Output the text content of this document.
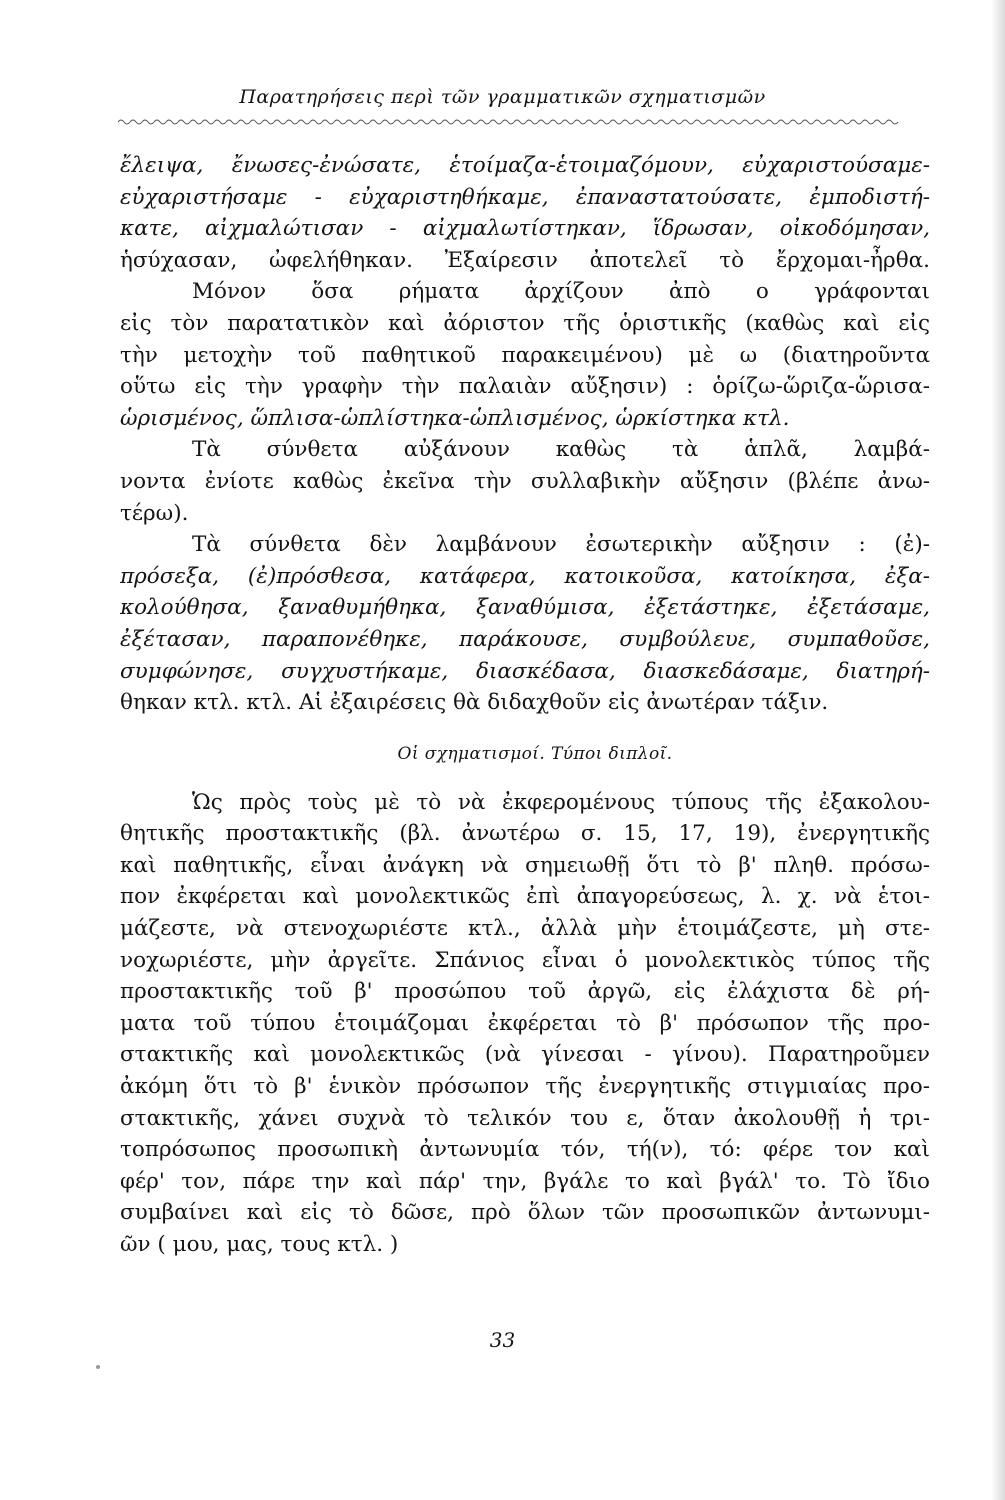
Παρατηρήσεις περὶ τῶν γραμματικῶν σχηματισμῶν
ἔλειψα, ἔνωσες-ἐνώσατε, ἑτοίμαζα-ἑτοιμαζόμουν, εὐχαριστούσαμε-
εὐχαριστήσαμε - εὐχαριστηθήκαμε, ἐπαναστατούσατε, ἐμποδιστή-
κατε, αἰχμαλώτισαν - αἰχμαλωτίστηκαν, ἵδρωσαν, οἰκοδόμησαν,
ἡσύχασαν, ὠφελήθηκαν. Ἐξαίρεσιν ἀποτελεῖ τὸ ἔρχομαι-ἦρθα.
Μόνον ὅσα ρήματα ἀρχίζουν ἀπὸ ο γράφονται
εἰς τὸν παρατατικὸν καὶ ἀόριστον τῆς ὁριστικῆς (καθὼς καὶ εἰς
τὴν μετοχὴν τοῦ παθητικοῦ παρακειμένου) μὲ ω (διατηροῦντα
οὕτω εἰς τὴν γραφὴν τὴν παλαιὰν αὔξησιν) : ὁρίζω-ὥριζα-ὥρισα-
ὡρισμένος, ὥπλισα-ὡπλίστηκα-ὡπλισμένος, ὡρκίστηκα κτλ.
Τὰ σύνθετα αὐξάνουν καθὼς τὰ ἁπλᾶ, λαμβά-
νοντα ἐνίοτε καθὼς ἐκεῖνα τὴν συλλαβικὴν αὔξησιν (βλέπε ἀνω-
τέρω).
Τὰ σύνθετα δὲν λαμβάνουν ἐσωτερικὴν αὔξησιν : (ἐ)-
πρόσεξα, (ἐ)πρόσθεσα, κατάφερα, κατοικοῦσα, κατοίκησα, ἐξα-
κολούθησα, ξαναθυμήθηκα, ξαναθύμισα, ἐξετάστηκε, ἐξετάσαμε,
ἐξέτασαν, παραπονέθηκε, παράκουσε, συμβούλευε, συμπαθοῦσε,
συμφώνησε, συγχυστήκαμε, διασκέδασα, διασκεδάσαμε, διατηρή-
θηκαν κτλ. κτλ. Αἱ ἐξαιρέσεις θὰ διδαχθοῦν εἰς ἀνωτέραν τάξιν.
Οἱ σχηματισμοί. Τύποι διπλοῖ.
Ὡς πρὸς τοὺς μὲ τὸ νὰ ἐκφερομένους τύπους τῆς ἐξακολου-
θητικῆς προστακτικῆς (βλ. ἀνωτέρω σ. 15, 17, 19), ἐνεργητικῆς
καὶ παθητικῆς, εἶναι ἀνάγκη νὰ σημειωθῇ ὅτι τὸ β' πληθ. πρόσω-
πον ἐκφέρεται καὶ μονολεκτικῶς ἐπὶ ἀπαγορεύσεως, λ. χ. νὰ ἑτοι-
μάζεστε, νὰ στενοχωριέστε κτλ., ἀλλὰ μὴν ἑτοιμάζεστε, μὴ στε-
νοχωριέστε, μὴν ἀργεῖτε. Σπάνιος εἶναι ὁ μονολεκτικὸς τύπος τῆς
προστακτικῆς τοῦ β' προσώπου τοῦ ἀργῶ, εἰς ἐλάχιστα δὲ ρή-
ματα τοῦ τύπου ἑτοιμάζομαι ἐκφέρεται τὸ β' πρόσωπον τῆς προ-
στακτικῆς καὶ μονολεκτικῶς (νὰ γίνεσαι - γίνου). Παρατηροῦμεν
ἀκόμη ὅτι τὸ β' ἑνικὸν πρόσωπον τῆς ἐνεργητικῆς στιγμιαίας προ-
στακτικῆς, χάνει συχνὰ τὸ τελικόν του ε, ὅταν ἀκολουθῇ ἡ τρι-
τοπρόσωπος προσωπικὴ ἀντωνυμία τόν, τή(ν), τό: φέρε τον καὶ
φέρ' τον, πάρε την καὶ πάρ' την, βγάλε το καὶ βγάλ' το. Τὸ ἴδιο
συμβαίνει καὶ εἰς τὸ δῶσε, πρὸ ὅλων τῶν προσωπικῶν ἀντωνυμι-
ῶν ( μου, μας, τους κτλ. )
33
